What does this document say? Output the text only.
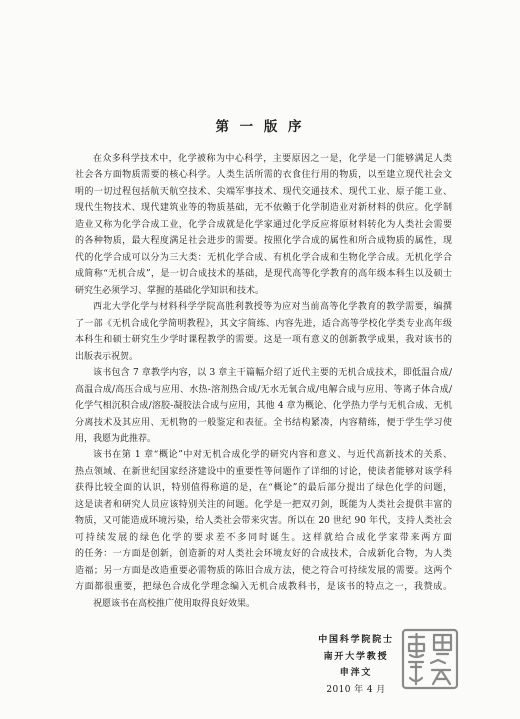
第 一 版 序
在众多科学技术中，化学被称为中心科学，主要原因之一是，化学是一门能够满足人类
社会各方面物质需要的核心科学。人类生活所需的衣食住行用的物质，以至建立现代社会文
明的一切过程包括航天航空技术、尖端军事技术、现代交通技术、现代工业、原子能工业、
现代生物技术、现代建筑业等的物质基础，无不依赖于化学制造业对新材料的供应。化学制
造业又称为化学合成工业，化学合成就是化学家通过化学反应将原材料转化为人类社会需要
的各种物质，最大程度满足社会进步的需要。按照化学合成的属性和所合成物质的属性，现
代的化学合成可以分为三大类：无机化学合成、有机化学合成和生物化学合成。无机化学合
成简称“无机合成”，是一切合成技术的基础，是现代高等化学教育的高年级本科生以及硕士
研究生必须学习、掌握的基础化学知识和技术。
西北大学化学与材料科学学院高胜利教授等为应对当前高等化学教育的教学需要，编撰
了一部《无机合成化学简明教程》，其文字简练、内容先进，适合高等学校化学类专业高年级
本科生和硕士研究生少学时课程教学的需要。这是一项有意义的创新教学成果，我对该书的
出版表示祝贺。
该书包含 7 章教学内容，以 3 章主干篇幅介绍了近代主要的无机合成技术，即低温合成/
高温合成/高压合成与应用、水热-溶剂热合成/无水无氧合成/电解合成与应用、等离子体合成/
化学气相沉积合成/溶胶-凝胶法合成与应用，其他 4 章为概论、化学热力学与无机合成、无机
分离技术及其应用、无机物的一般鉴定和表征。全书结构紧凑，内容精练，便于学生学习使
用，我愿为此推荐。
该书在第 1 章“概论”中对无机合成化学的研究内容和意义、与近代高新技术的关系、
热点领域、在新世纪国家经济建设中的重要性等问题作了详细的讨论，使读者能够对该学科
获得比较全面的认识，特别值得称道的是，在“概论”的最后部分提出了绿色化学的问题，
这是读者和研究人员应该特别关注的问题。化学是一把双刃剑，既能为人类社会提供丰富的
物质，又可能造成环境污染，给人类社会带来灾害。所以在 20 世纪 90 年代，支持人类社会
可持续发展的绿色化学的要求差不多同时诞生。这样就给合成化学家带来两方面
的任务：一方面是创新，创造新的对人类社会环境友好的合成技术，合成新化合物，为人类
造福；另一方面是改造重要必需物质的陈旧合成方法，使之符合可持续发展的需要。这两个
方面都很重要，把绿色合成化学理念编入无机合成教科书，是该书的特点之一，我赞成。
祝愿该书在高校推广使用取得良好效果。
中国科学院院士
南开大学教授
申泮文
2010 年 4 月
